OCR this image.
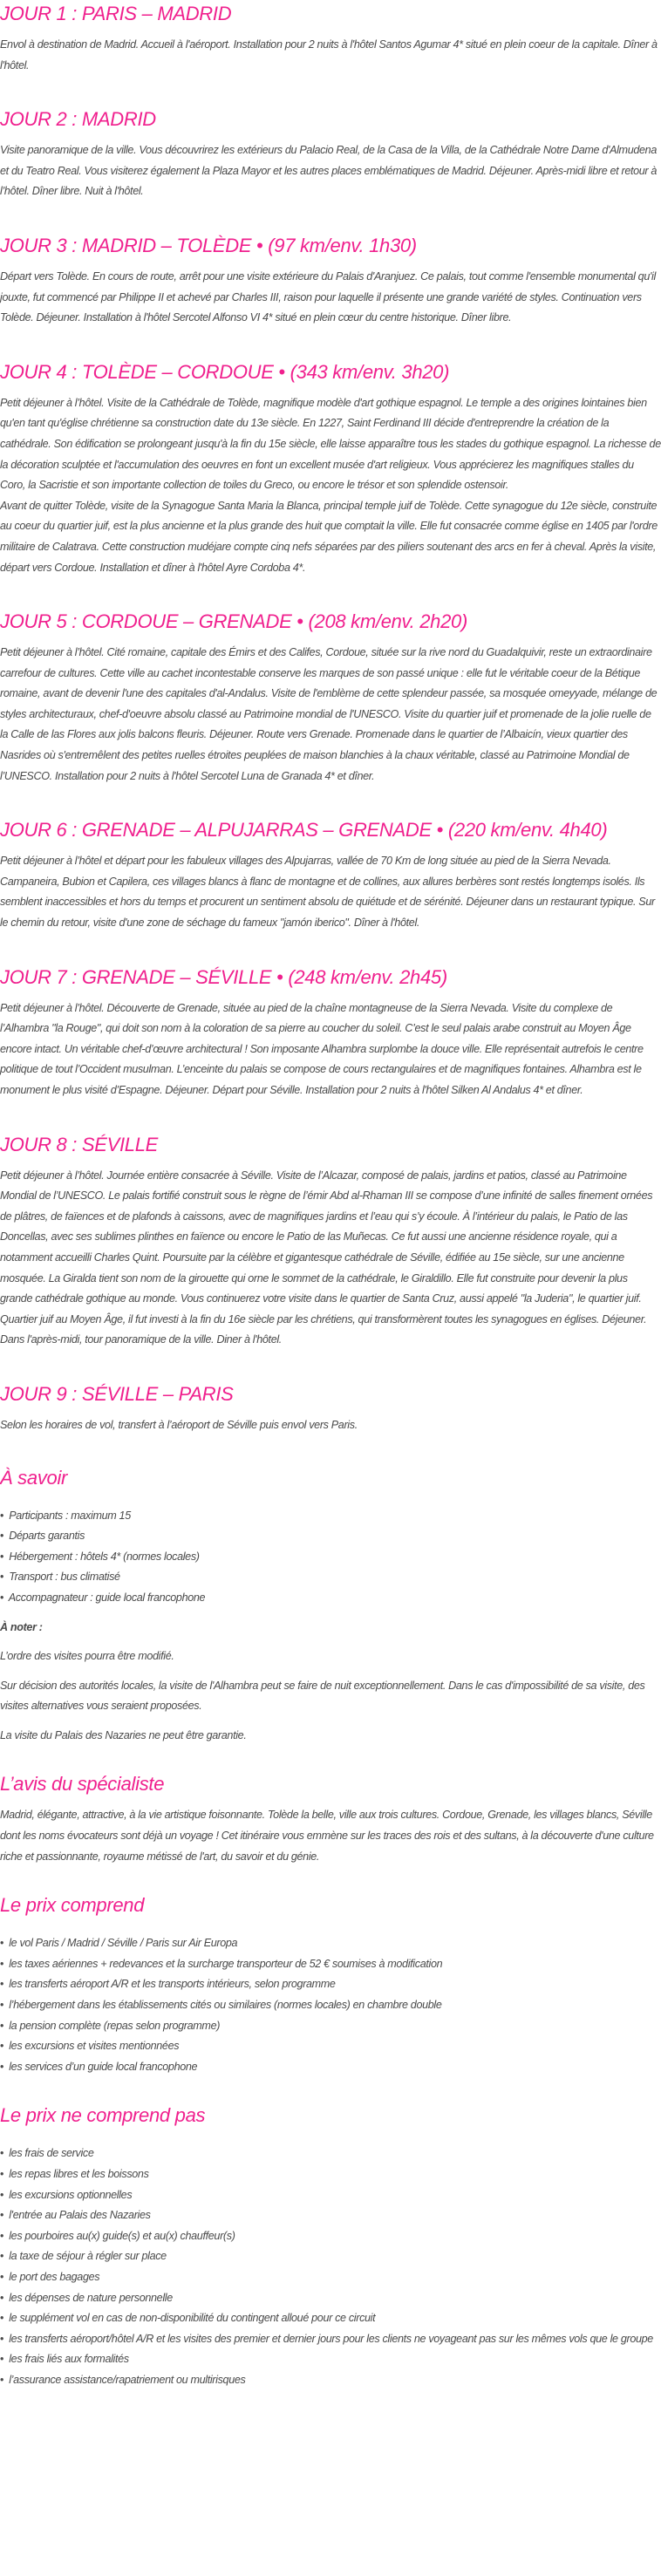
JOUR 1 : PARIS – MADRID

Envol à destination de Madrid. Accueil à l'aéroport. Installation pour 2 nuits à l'hôtel Santos Agumar 4* situé en plein coeur de la capitale. Dîner à l'hôtel.

JOUR 2 : MADRID

Visite panoramique de la ville. Vous découvrirez les extérieurs du Palacio Real, de la Casa de la Villa, de la Cathédrale Notre Dame d'Almudena et du Teatro Real. Vous visiterez également la Plaza Mayor et les autres places emblématiques de Madrid. Déjeuner. Après-midi libre et retour à l’hôtel. Dîner libre. Nuit à l'hôtel.

JOUR 3 : MADRID – TOLÈDE • (97 km/env. 1h30)

Départ vers Tolède. En cours de route, arrêt pour une visite extérieure du Palais d'Aranjuez. Ce palais, tout comme l'ensemble monumental qu'il jouxte, fut commencé par Philippe II et achevé par Charles III, raison pour laquelle il présente une grande variété de styles. Continuation vers Tolède. Déjeuner. Installation à l'hôtel Sercotel Alfonso VI 4* situé en plein cœur du centre historique. Dîner libre.

JOUR 4 : TOLÈDE – CORDOUE • (343 km/env. 3h20)

Petit déjeuner à l’hôtel. Visite de la Cathédrale de Tolède, magnifique modèle d'art gothique espagnol. Le temple a des origines lointaines bien qu'en tant qu'église chrétienne sa construction date du 13e siècle. En 1227, Saint Ferdinand III décide d'entreprendre la création de la cathédrale. Son édification se prolongeant jusqu'à la fin du 15e siècle, elle laisse apparaître tous les stades du gothique espagnol. La richesse de la décoration sculptée et l'accumulation des oeuvres en font un excellent musée d'art religieux. Vous apprécierez les magnifiques stalles du Coro, la Sacristie et son importante collection de toiles du Greco, ou encore le trésor et son splendide ostensoir.

Avant de quitter Tolède, visite de la Synagogue Santa Maria la Blanca, principal temple juif de Tolède. Cette synagogue du 12e siècle, construite au coeur du quartier juif, est la plus ancienne et la plus grande des huit que comptait la ville. Elle fut consacrée comme église en 1405 par l'ordre militaire de Calatrava. Cette construction mudéjare compte cinq nefs séparées par des piliers soutenant des arcs en fer à cheval. Après la visite, départ vers Cordoue. Installation et dîner à l'hôtel Ayre Cordoba 4*.

JOUR 5 : CORDOUE – GRENADE • (208 km/env. 2h20)

Petit déjeuner à l’hôtel. Cité romaine, capitale des Émirs et des Califes, Cordoue, située sur la rive nord du Guadalquivir, reste un extraordinaire carrefour de cultures. Cette ville au cachet incontestable conserve les marques de son passé unique : elle fut le véritable coeur de la Bétique romaine, avant de devenir l'une des capitales d'al-Andalus. Visite de l'emblème de cette splendeur passée, sa mosquée omeyyade, mélange de styles architecturaux, chef-d'oeuvre absolu classé au Patrimoine mondial de l'UNESCO. Visite du quartier juif et promenade de la jolie ruelle de la Calle de las Flores aux jolis balcons fleuris. Déjeuner. Route vers Grenade. Promenade dans le quartier de l’Albaicín, vieux quartier des Nasrides où s'entremêlent des petites ruelles étroites peuplées de maison blanchies à la chaux véritable, classé au Patrimoine Mondial de l’UNESCO. Installation pour 2 nuits à l'hôtel Sercotel Luna de Granada 4* et dîner.

JOUR 6 : GRENADE – ALPUJARRAS – GRENADE • (220 km/env. 4h40)

Petit déjeuner à l’hôtel et départ pour les fabuleux villages des Alpujarras, vallée de 70 Km de long située au pied de la Sierra Nevada. Campaneira, Bubion et Capilera, ces villages blancs à flanc de montagne et de collines, aux allures berbères sont restés longtemps isolés. Ils semblent inaccessibles et hors du temps et procurent un sentiment absolu de quiétude et de sérénité. Déjeuner dans un restaurant typique. Sur le chemin du retour, visite d'une zone de séchage du fameux "jamón iberico". Dîner à l'hôtel.

JOUR 7 : GRENADE – SÉVILLE • (248 km/env. 2h45)

Petit déjeuner à l’hôtel. Découverte de Grenade, située au pied de la chaîne montagneuse de la Sierra Nevada. Visite du complexe de l’Alhambra "la Rouge", qui doit son nom à la coloration de sa pierre au coucher du soleil. C’est le seul palais arabe construit au Moyen Âge encore intact. Un véritable chef-d’œuvre architectural ! Son imposante Alhambra surplombe la douce ville. Elle représentait autrefois le centre politique de tout l’Occident musulman. L’enceinte du palais se compose de cours rectangulaires et de magnifiques fontaines. Alhambra est le monument le plus visité d’Espagne. Déjeuner. Départ pour Séville. Installation pour 2 nuits à l'hôtel Silken Al Andalus 4* et dîner.

JOUR 8 : SÉVILLE

Petit déjeuner à l’hôtel. Journée entière consacrée à Séville. Visite de l’Alcazar, composé de palais, jardins et patios, classé au Patrimoine Mondial de l’UNESCO. Le palais fortifié construit sous le règne de l’émir Abd al-Rhaman III se compose d’une infinité de salles finement ornées de plâtres, de faïences et de plafonds à caissons, avec de magnifiques jardins et l’eau qui s’y écoule. À l’intérieur du palais, le Patio de las Doncellas, avec ses sublimes plinthes en faïence ou encore le Patio de las Muñecas. Ce fut aussi une ancienne résidence royale, qui a notamment accueilli Charles Quint. Poursuite par la célèbre et gigantesque cathédrale de Séville, édifiée au 15e siècle, sur une ancienne mosquée. La Giralda tient son nom de la girouette qui orne le sommet de la cathédrale, le Giraldillo. Elle fut construite pour devenir la plus grande cathédrale gothique au monde. Vous continuerez votre visite dans le quartier de Santa Cruz, aussi appelé "la Juderia", le quartier juif. Quartier juif au Moyen Âge, il fut investi à la fin du 16e siècle par les chrétiens, qui transformèrent toutes les synagogues en églises. Déjeuner. Dans l'après-midi, tour panoramique de la ville. Diner à l'hôtel.

JOUR 9 : SÉVILLE – PARIS

Selon les horaires de vol, transfert à l’aéroport de Séville puis envol vers Paris.

À savoir
• Participants : maximum 15
• Départs garantis
• Hébergement : hôtels 4* (normes locales)
• Transport : bus climatisé
• Accompagnateur : guide local francophone

À noter :

L’ordre des visites pourra être modifié.

Sur décision des autorités locales, la visite de l'Alhambra peut se faire de nuit exceptionnellement. Dans le cas d'impossibilité de sa visite, des visites alternatives vous seraient proposées.

La visite du Palais des Nazaries ne peut être garantie.

L’avis du spécialiste

Madrid, élégante, attractive, à la vie artistique foisonnante. Tolède la belle, ville aux trois cultures. Cordoue, Grenade, les villages blancs, Séville dont les noms évocateurs sont déjà un voyage ! Cet itinéraire vous emmène sur les traces des rois et des sultans, à la découverte d'une culture riche et passionnante, royaume métissé de l'art, du savoir et du génie.

Le prix comprend
• le vol Paris / Madrid / Séville / Paris sur Air Europa
• les taxes aériennes + redevances et la surcharge transporteur de 52 € soumises à modification
• les transferts aéroport A/R et les transports intérieurs, selon programme
• l’hébergement dans les établissements cités ou similaires (normes locales) en chambre double
• la pension complète (repas selon programme)
• les excursions et visites mentionnées
• les services d’un guide local francophone
Le prix ne comprend pas
• les frais de service
• les repas libres et les boissons
• les excursions optionnelles
• l'entrée au Palais des Nazaries
• les pourboires au(x) guide(s) et au(x) chauffeur(s)
• la taxe de séjour à régler sur place
• le port des bagages
• les dépenses de nature personnelle
• le supplément vol en cas de non-disponibilité du contingent alloué pour ce circuit
• les transferts aéroport/hôtel A/R et les visites des premier et dernier jours pour les clients ne voyageant pas sur les mêmes vols que le groupe
• les frais liés aux formalités
• l’assurance assistance/rapatriement ou multirisques
